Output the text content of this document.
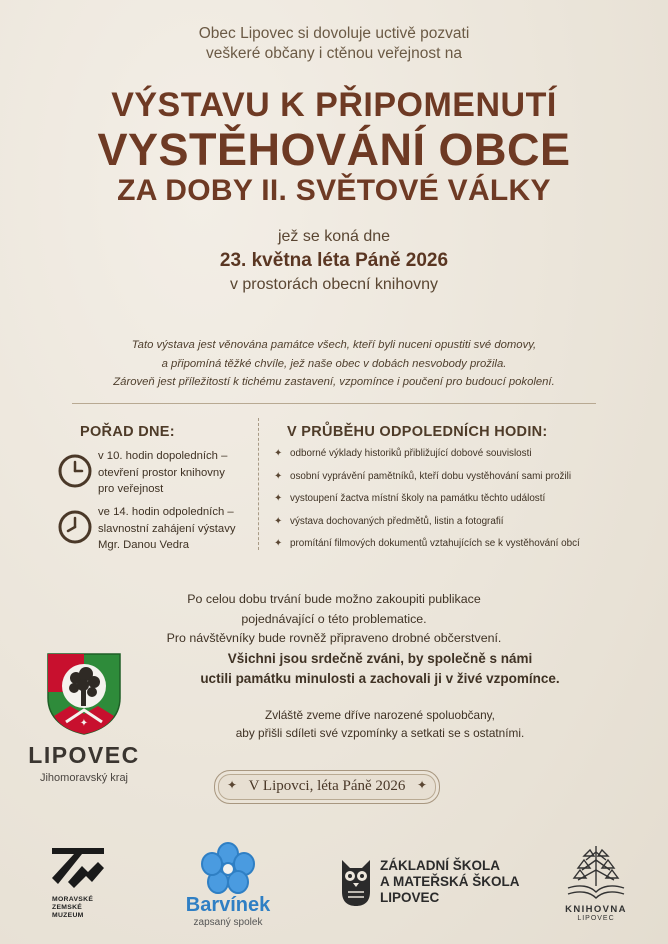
Obec Lipovec si dovoluje uctivě pozvati
veškeré občany i ctěnou veřejnost na
VÝSTAVU K PŘIPOMENUTÍ
VYSTĚHOVÁNÍ OBCE
ZA DOBY II. SVĚTOVÉ VÁLKY
jež se koná dne
23. května léta Páně 2026
v prostorách obecní knihovny
Tato výstava jest věnována památce všech, kteří byli nuceni opustiti své domovy,
a připomíná těžké chvíle, jež naše obec v dobách nesvobody prožila.
Zároveň jest příležitostí k tichému zastavení, vzpomínce i poučení pro budoucí pokolení.
POŘAD DNE:
v 10. hodin dopoledních –
otevření prostor knihovny
pro veřejnost
ve 14. hodin odpoledních –
slavnostní zahájení výstavy
Mgr. Danou Vedra
V PRŮBĚHU ODPOLEDNÍCH HODIN:
✦ odborné výklady historiků přibližující dobové souvislosti
✦ osobní vyprávění pamětníků, kteří dobu vystěhování sami prožili
✦ vystoupení žactva místní školy na památku těchto událostí
✦ výstava dochovaných předmětů, listin a fotografií
✦ promítání filmových dokumentů vztahujících se k vystěhování obcí
Po celou dobu trvání bude možno zakoupiti publikace
pojednávající o této problematice.
Pro návštěvníky bude rovněž připraveno drobné občerstvení.
Všichni jsou srdečně zváni, by společně s námi
uctili památku minulosti a zachovali ji v živé vzpomínce.
Zvláště zveme dříve narozené spoluobčany,
aby přišli sdíleti své vzpomínky a setkati se s ostatními.
✦
LIPOVEC
Jihomoravský kraj	✦ V Lipovci, léta Páně 2026 ✦
MORAVSKÉ
ZEMSKÉ
MUZEUM	Barvínek
zapsaný spolek
ZÁKLADNÍ ŠKOLA
A MATEŘSKÁ ŠKOLA
LIPOVEC
KNIHOVNA
LIPOVEC
